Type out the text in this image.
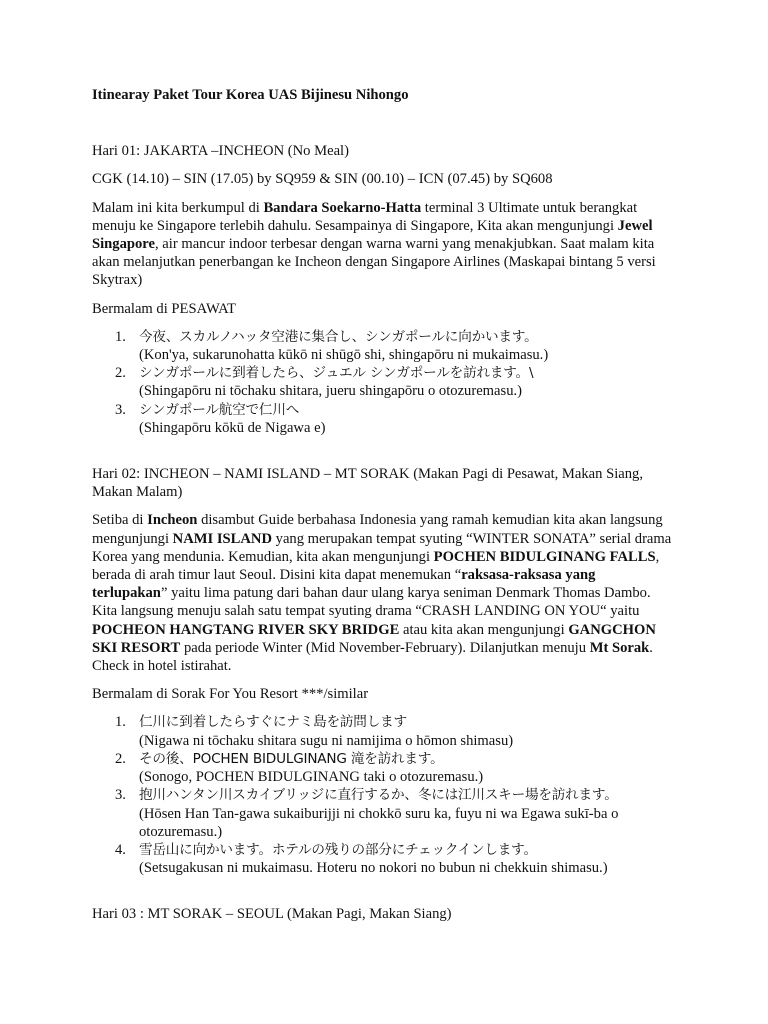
Itinearay Paket Tour Korea UAS Bijinesu Nihongo

Hari 01: JAKARTA –INCHEON (No Meal)

CGK (14.10) – SIN (17.05) by SQ959 & SIN (00.10) – ICN (07.45) by SQ608

Malam ini kita berkumpul di Bandara Soekarno-Hatta terminal 3 Ultimate untuk berangkat menuju ke Singapore terlebih dahulu. Sesampainya di Singapore, Kita akan mengunjungi Jewel Singapore, air mancur indoor terbesar dengan warna warni yang menakjubkan. Saat malam kita akan melanjutkan penerbangan ke Incheon dengan Singapore Airlines (Maskapai bintang 5 versi Skytrax)

Bermalam di PESAWAT

1. 今夜、スカルノハッタ空港に集合し、シンガポールに向かいます。
(Kon'ya, sukarunohatta kūkō ni shūgō shi, shingapōru ni mukaimasu.)
2. シンガポールに到着したら、ジュエル シンガポールを訪れます。\
(Shingapōru ni tōchaku shitara, jueru shingapōru o otozuremasu.)
3. シンガポール航空で仁川へ
(Shingapōru kōkū de Nigawa e)

Hari 02: INCHEON – NAMI ISLAND – MT SORAK (Makan Pagi di Pesawat, Makan Siang, Makan Malam)

Setiba di Incheon disambut Guide berbahasa Indonesia yang ramah kemudian kita akan langsung mengunjungi NAMI ISLAND yang merupakan tempat syuting “WINTER SONATA” serial drama Korea yang mendunia. Kemudian, kita akan mengunjungi POCHEN BIDULGINANG FALLS, berada di arah timur laut Seoul. Disini kita dapat menemukan “raksasa-raksasa yang terlupakan” yaitu lima patung dari bahan daur ulang karya seniman Denmark Thomas Dambo. Kita langsung menuju salah satu tempat syuting drama “CRASH LANDING ON YOU“ yaitu POCHEON HANGTANG RIVER SKY BRIDGE atau kita akan mengunjungi GANGCHON SKI RESORT pada periode Winter (Mid November-February). Dilanjutkan menuju Mt Sorak. Check in hotel istirahat.

Bermalam di Sorak For You Resort ***/similar

1. 仁川に到着したらすぐにナミ島を訪問します
(Nigawa ni tōchaku shitara sugu ni namijima o hōmon shimasu)
2. その後、POCHEN BIDULGINANG 滝を訪れます。
(Sonogo, POCHEN BIDULGINANG taki o otozuremasu.)
3. 抱川ハンタン川スカイブリッジに直行するか、冬には江川スキー場を訪れます。
(Hōsen Han Tan-gawa sukaiburijji ni chokkō suru ka, fuyu ni wa Egawa sukī-ba o otozuremasu.)
4. 雪岳山に向かいます。ホテルの残りの部分にチェックインします。
(Setsugakusan ni mukaimasu. Hoteru no nokori no bubun ni chekkuin shimasu.)

Hari 03 : MT SORAK – SEOUL (Makan Pagi, Makan Siang)
